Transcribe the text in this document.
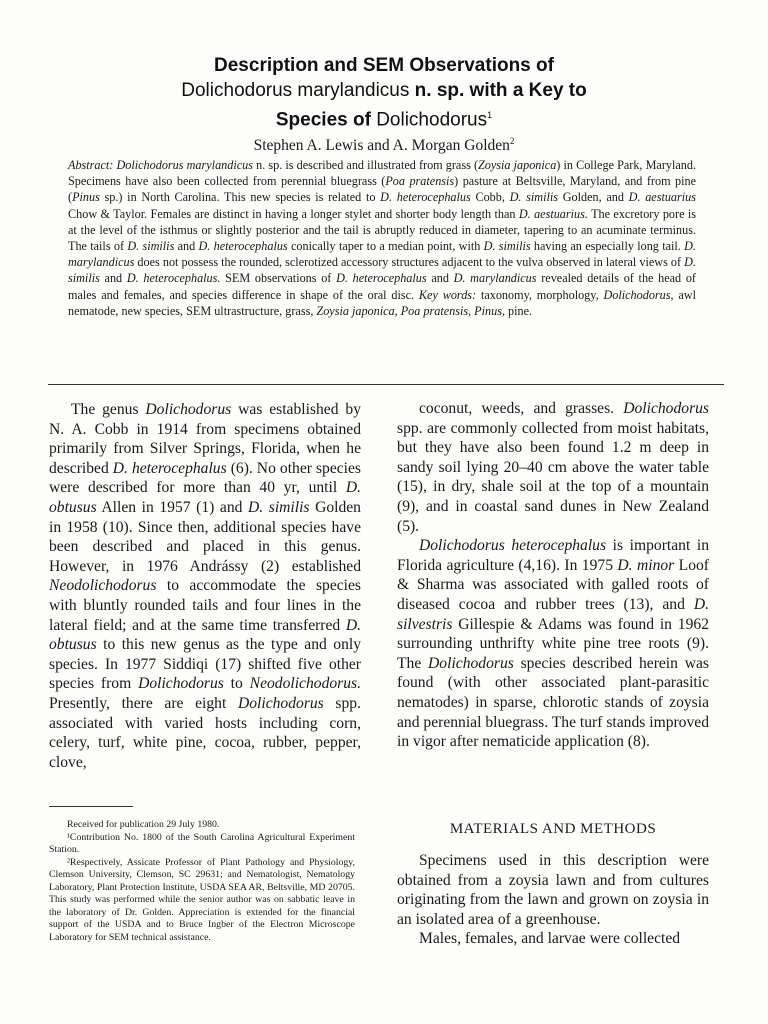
Description and SEM Observations of
Dolichodorus marylandicus n. sp. with a Key to
Species of Dolichodorus$^1$
Stephen A. Lewis and A. Morgan Golden$^2$
Abstract: Dolichodorus marylandicus n. sp. is described and illustrated from grass (Zoysia japonica) in College Park, Maryland. Specimens have also been collected from perennial bluegrass (Poa pratensis) pasture at Beltsville, Maryland, and from pine (Pinus sp.) in North Carolina. This new species is related to D. heterocephalus Cobb, D. similis Golden, and D. aestuarius Chow & Taylor. Females are distinct in having a longer stylet and shorter body length than D. aestuarius. The excretory pore is at the level of the isthmus or slightly posterior and the tail is abruptly reduced in diameter, tapering to an acuminate terminus. The tails of D. similis and D. heterocephalus conically taper to a median point, with D. similis having an especially long tail. D. marylandicus does not possess the rounded, sclerotized accessory structures adjacent to the vulva observed in lateral views of D. similis and D. heterocephalus. SEM observations of D. heterocephalus and D. marylandicus revealed details of the head of males and females, and species difference in shape of the oral disc. Key words: taxonomy, morphology, Dolichodorus, awl nematode, new species, SEM ultrastructure, grass, Zoysia japonica, Poa pratensis, Pinus, pine.

The genus Dolichodorus was established by N. A. Cobb in 1914 from specimens obtained primarily from Silver Springs, Florida, when he described D. heterocephalus (6). No other species were described for more than 40 yr, until D. obtusus Allen in 1957 (1) and D. similis Golden in 1958 (10). Since then, additional species have been described and placed in this genus. However, in 1976 Andrássy (2) established Neodolichodorus to accommodate the species with bluntly rounded tails and four lines in the lateral field; and at the same time transferred D. obtusus to this new genus as the type and only species. In 1977 Siddiqi (17) shifted five other species from Dolichodorus to Neodolichodorus. Presently, there are eight Dolichodorus spp. associated with varied hosts including corn, celery, turf, white pine, cocoa, rubber, pepper, clove,

coconut, weeds, and grasses. Dolichodorus spp. are commonly collected from moist habitats, but they have also been found 1.2 m deep in sandy soil lying 20–40 cm above the water table (15), in dry, shale soil at the top of a mountain (9), and in coastal sand dunes in New Zealand (5).

Dolichodorus heterocephalus is important in Florida agriculture (4,16). In 1975 D. minor Loof & Sharma was associated with galled roots of diseased cocoa and rubber trees (13), and D. silvestris Gillespie & Adams was found in 1962 surrounding unthrifty white pine tree roots (9). The Dolichodorus species described herein was found (with other associated plant-parasitic nematodes) in sparse, chlorotic stands of zoysia and perennial bluegrass. The turf stands improved in vigor after nematicide application (8).

Received for publication 29 July 1980.

¹Contribution No. 1800 of the South Carolina Agricultural Experiment Station.

²Respectively, Assicate Professor of Plant Pathology and Physiology, Clemson University, Clemson, SC 29631; and Nematologist, Nematology Laboratory, Plant Protection Institute, USDA SEA AR, Beltsville, MD 20705. This study was performed while the senior author was on sabbatic leave in the laboratory of Dr. Golden. Appreciation is extended for the financial support of the USDA and to Bruce Ingber of the Electron Microscope Laboratory for SEM technical assistance.

MATERIALS AND METHODS

Specimens used in this description were obtained from a zoysia lawn and from cultures originating from the lawn and grown on zoysia in an isolated area of a greenhouse.

Males, females, and larvae were collected
